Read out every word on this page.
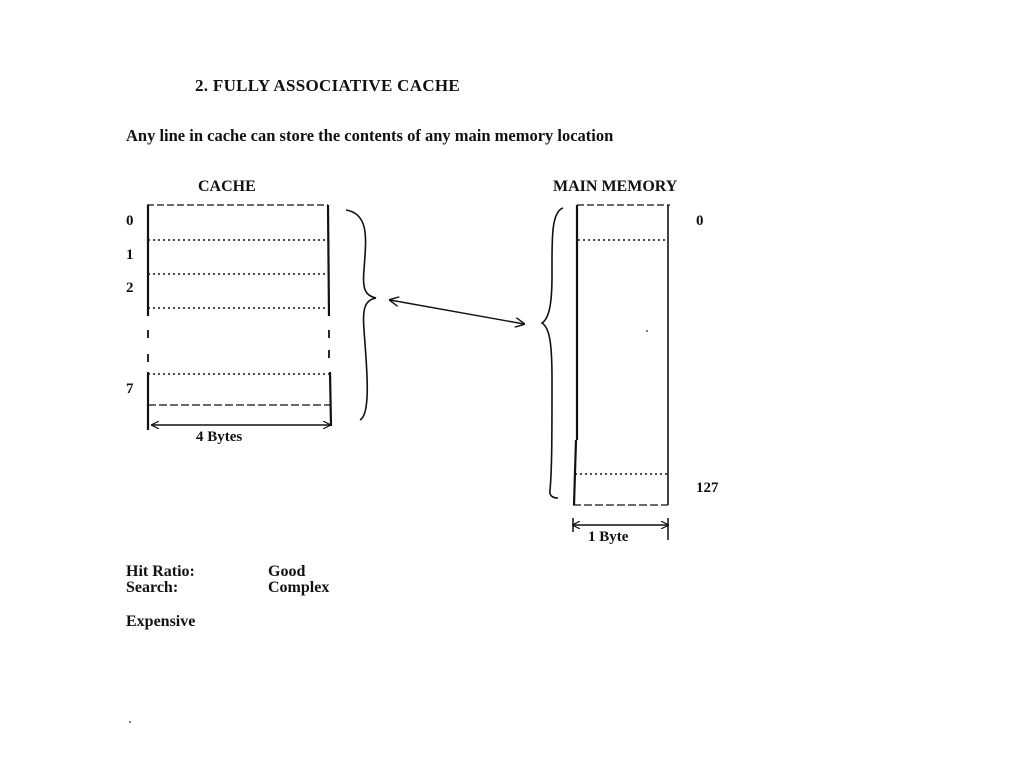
2. FULLY ASSOCIATIVE CACHE
Any line in cache can store the contents of any main memory location
CACHE	MAIN MEMORY
0
1
2
7
0
127
4 Bytes
1 Byte
Hit Ratio:	Good
Search:	Complex
Expensive
